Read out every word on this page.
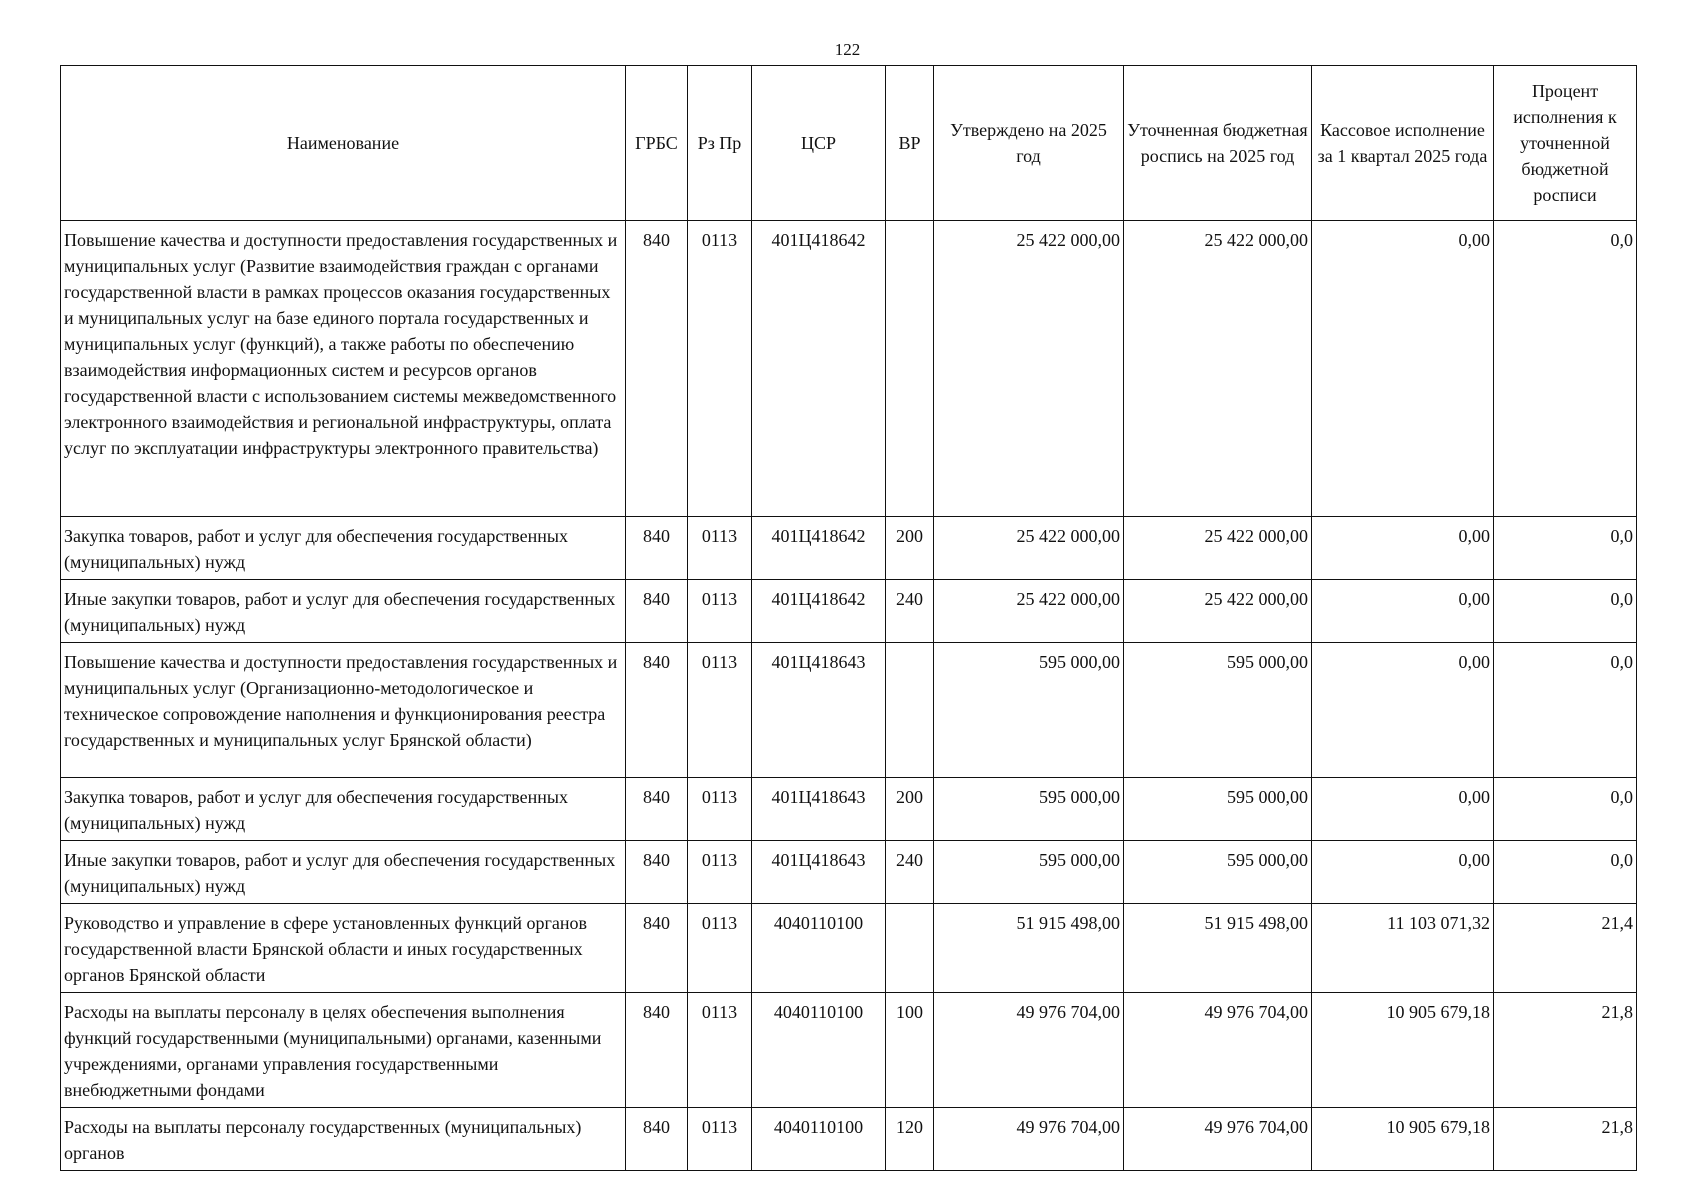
122
Наименование	ГРБС	Рз Пр	ЦСР	ВР	Утверждено на 2025 год	Уточненная бюджетная роспись на 2025 год	Кассовое исполнение за 1 квартал 2025 года	Процент исполнения к уточненной бюджетной росписи
Повышение качества и доступности предоставления государственных и муниципальных услуг (Развитие взаимодействия граждан с органами государственной власти в рамках процессов оказания государственных и муниципальных услуг на базе единого портала государственных и муниципальных услуг (функций), а также работы по обеспечению взаимодействия информационных систем и ресурсов органов государственной власти с использованием системы межведомственного электронного взаимодействия и региональной инфраструктуры, оплата услуг по эксплуатации инфраструктуры электронного правительства)	840	0113	401Ц418642		25 422 000,00	25 422 000,00	0,00	0,0
Закупка товаров, работ и услуг для обеспечения государственных (муниципальных) нужд	840	0113	401Ц418642	200	25 422 000,00	25 422 000,00	0,00	0,0
Иные закупки товаров, работ и услуг для обеспечения государственных (муниципальных) нужд	840	0113	401Ц418642	240	25 422 000,00	25 422 000,00	0,00	0,0
Повышение качества и доступности предоставления государственных и муниципальных услуг (Организационно-методологическое и техническое сопровождение наполнения и функционирования реестра государственных и муниципальных услуг Брянской области)	840	0113	401Ц418643		595 000,00	595 000,00	0,00	0,0
Закупка товаров, работ и услуг для обеспечения государственных (муниципальных) нужд	840	0113	401Ц418643	200	595 000,00	595 000,00	0,00	0,0
Иные закупки товаров, работ и услуг для обеспечения государственных (муниципальных) нужд	840	0113	401Ц418643	240	595 000,00	595 000,00	0,00	0,0
Руководство и управление в сфере установленных функций органов государственной власти Брянской области и иных государственных органов Брянской области	840	0113	4040110100		51 915 498,00	51 915 498,00	11 103 071,32	21,4
Расходы на выплаты персоналу в целях обеспечения выполнения функций государственными (муниципальными) органами, казенными учреждениями, органами управления государственными внебюджетными фондами	840	0113	4040110100	100	49 976 704,00	49 976 704,00	10 905 679,18	21,8
Расходы на выплаты персоналу государственных (муниципальных) органов	840	0113	4040110100	120	49 976 704,00	49 976 704,00	10 905 679,18	21,8
